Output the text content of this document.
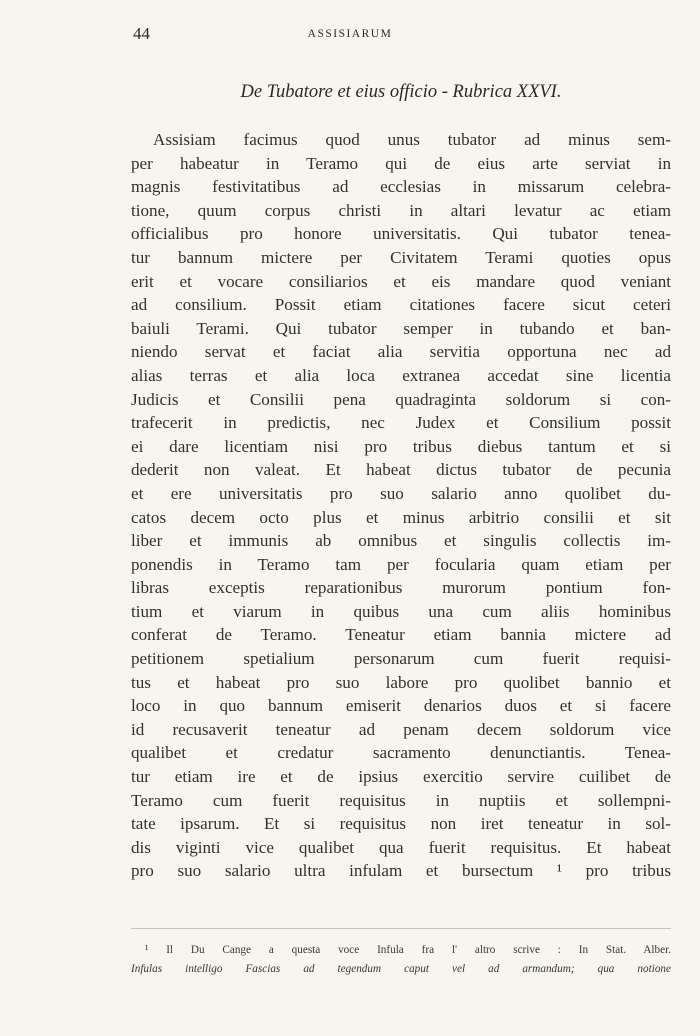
44	ASSISIARUM
De Tubatore et eius officio - Rubrica XXVI.
Assisiam facimus quod unus tubator ad minus sem-
per habeatur in Teramo qui de eius arte serviat in
magnis festivitatibus ad ecclesias in missarum celebra-
tione, quum corpus christi in altari levatur ac etiam
officialibus pro honore universitatis. Qui tubator tenea-
tur bannum mictere per Civitatem Terami quoties opus
erit et vocare consiliarios et eis mandare quod veniant
ad consilium. Possit etiam citationes facere sicut ceteri
baiuli Terami. Qui tubator semper in tubando et ban-
niendo servat et faciat alia servitia opportuna nec ad
alias terras et alia loca extranea accedat sine licentia
Judicis et Consilii pena quadraginta soldorum si con-
trafecerit in predictis, nec Judex et Consilium possit
ei dare licentiam nisi pro tribus diebus tantum et si
dederit non valeat. Et habeat dictus tubator de pecunia
et ere universitatis pro suo salario anno quolibet du-
catos decem octo plus et minus arbitrio consilii et sit
liber et immunis ab omnibus et singulis collectis im-
ponendis in Teramo tam per focularia quam etiam per
libras exceptis reparationibus murorum pontium fon-
tium et viarum in quibus una cum aliis hominibus
conferat de Teramo. Teneatur etiam bannia mictere ad
petitionem spetialium personarum cum fuerit requisi-
tus et habeat pro suo labore pro quolibet bannio et
loco in quo bannum emiserit denarios duos et si facere
id recusaverit teneatur ad penam decem soldorum vice
qualibet et credatur sacramento denunctiantis. Tenea-
tur etiam ire et de ipsius exercitio servire cuilibet de
Teramo cum fuerit requisitus in nuptiis et sollempni-
tate ipsarum. Et si requisitus non iret teneatur in sol-
dis viginti vice qualibet qua fuerit requisitus. Et habeat
pro suo salario ultra infulam et bursectum ¹ pro tribus
¹ Il Du Cange a questa voce Infula fra l' altro scrive : In Stat. Alber.
Infulas intelligo Fascias ad tegendum caput vel ad armandum; qua notione
